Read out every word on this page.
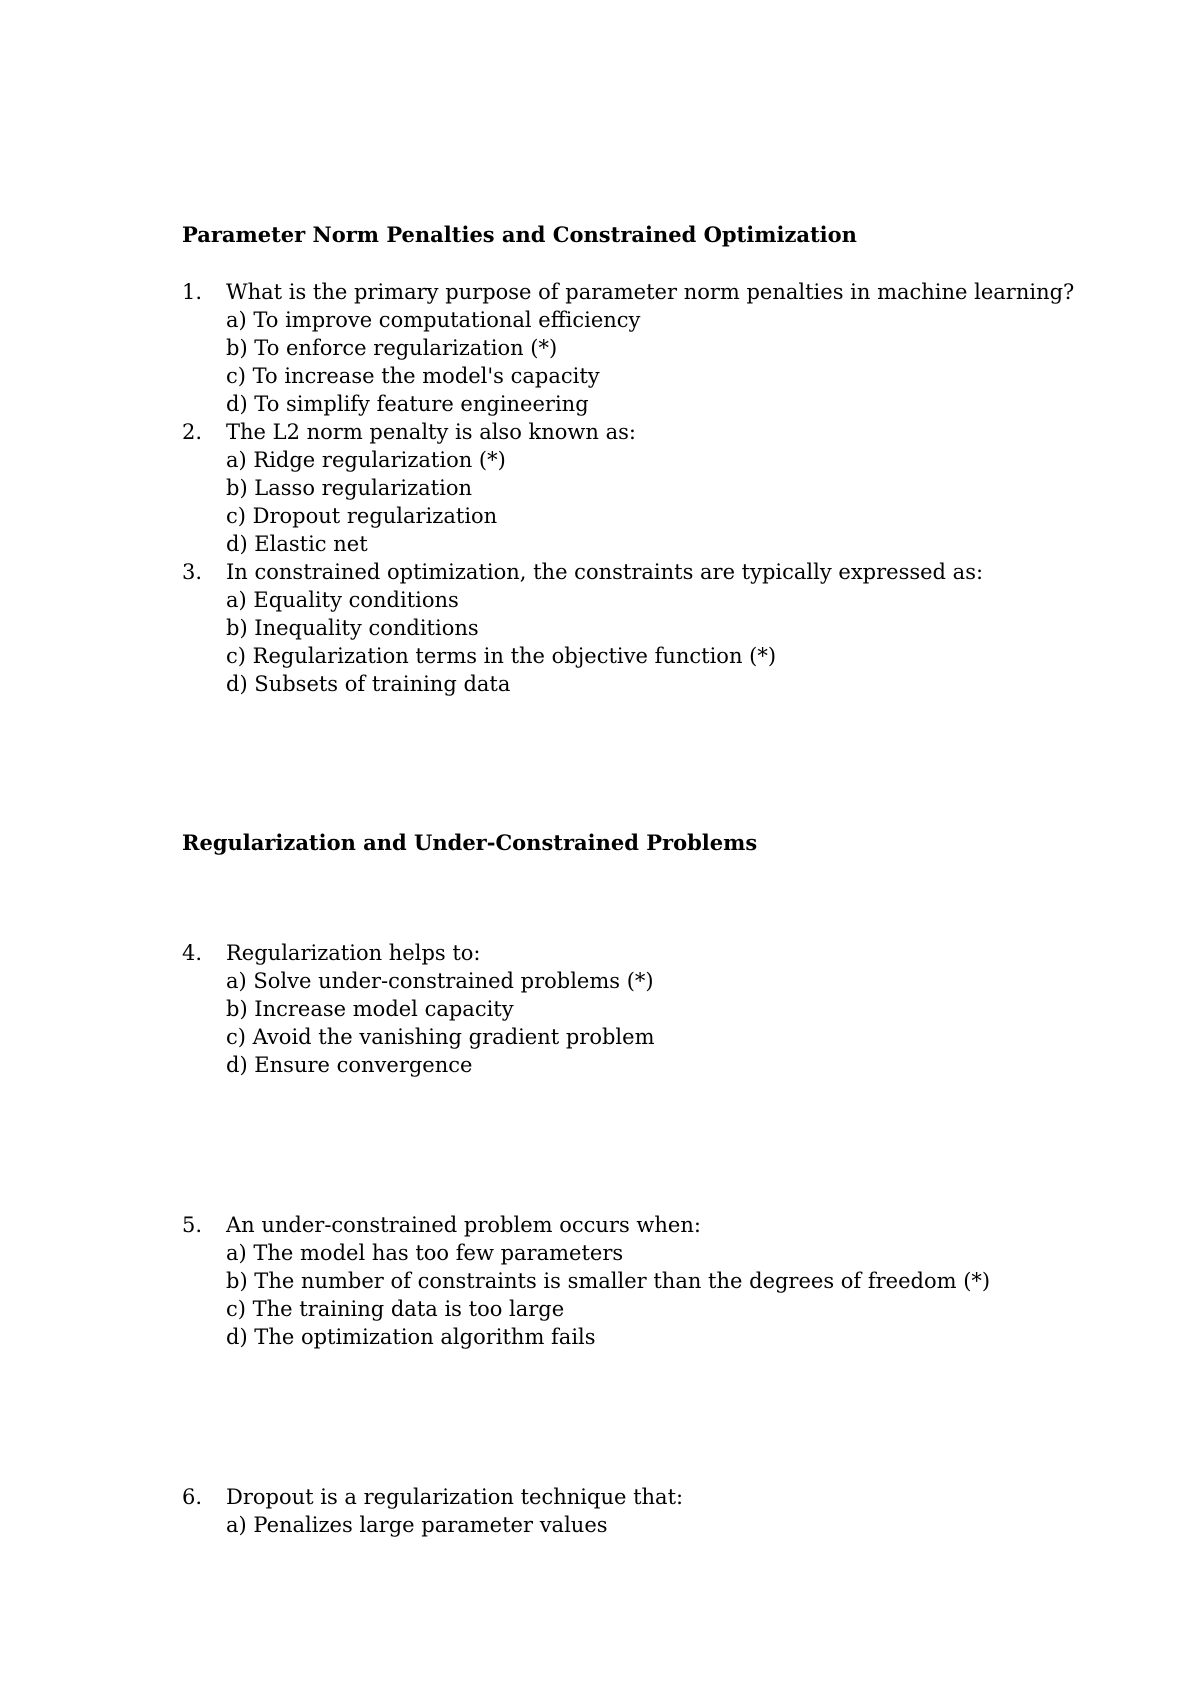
Parameter Norm Penalties and Constrained Optimization
1. What is the primary purpose of parameter norm penalties in machine learning?
a) To improve computational efficiency
b) To enforce regularization (*)
c) To increase the model's capacity
d) To simplify feature engineering
2. The L2 norm penalty is also known as:
a) Ridge regularization (*)
b) Lasso regularization
c) Dropout regularization
d) Elastic net
3. In constrained optimization, the constraints are typically expressed as:
a) Equality conditions
b) Inequality conditions
c) Regularization terms in the objective function (*)
d) Subsets of training data
Regularization and Under-Constrained Problems
4. Regularization helps to:
a) Solve under-constrained problems (*)
b) Increase model capacity
c) Avoid the vanishing gradient problem
d) Ensure convergence
5. An under-constrained problem occurs when:
a) The model has too few parameters
b) The number of constraints is smaller than the degrees of freedom (*)
c) The training data is too large
d) The optimization algorithm fails
6. Dropout is a regularization technique that:
a) Penalizes large parameter values
